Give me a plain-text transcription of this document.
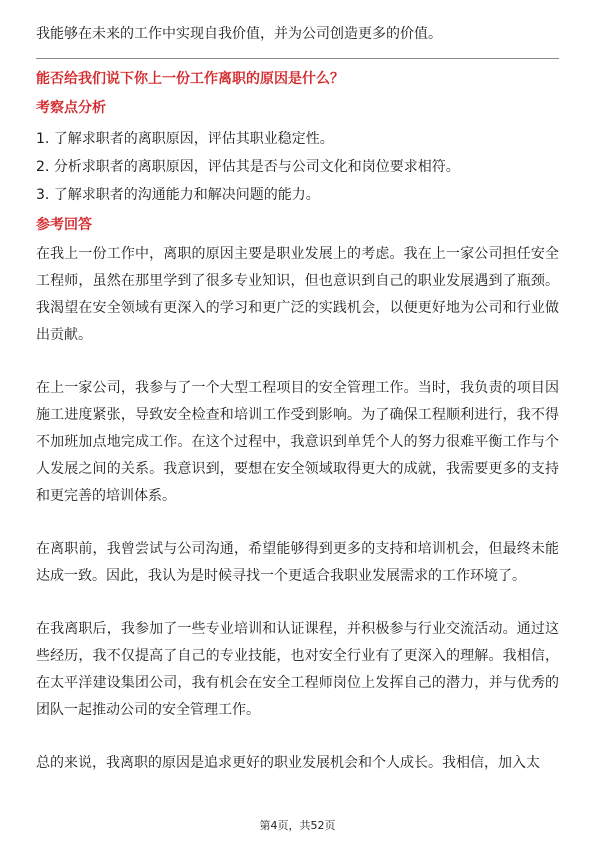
我能够在未来的工作中实现自我价值，并为公司创造更多的价值。

能否给我们说下你上一份工作离职的原因是什么？
考察点分析
1. 了解求职者的离职原因，评估其职业稳定性。
2. 分析求职者的离职原因，评估其是否与公司文化和岗位要求相符。
3. 了解求职者的沟通能力和解决问题的能力。
参考回答

在我上一份工作中，离职的原因主要是职业发展上的考虑。我在上一家公司担任安全工程师，虽然在那里学到了很多专业知识，但也意识到自己的职业发展遇到了瓶颈。我渴望在安全领域有更深入的学习和更广泛的实践机会，以便更好地为公司和行业做出贡献。

在上一家公司，我参与了一个大型工程项目的安全管理工作。当时，我负责的项目因施工进度紧张，导致安全检查和培训工作受到影响。为了确保工程顺利进行，我不得不加班加点地完成工作。在这个过程中，我意识到单凭个人的努力很难平衡工作与个人发展之间的关系。我意识到，要想在安全领域取得更大的成就，我需要更多的支持和更完善的培训体系。

在离职前，我曾尝试与公司沟通，希望能够得到更多的支持和培训机会，但最终未能达成一致。因此，我认为是时候寻找一个更适合我职业发展需求的工作环境了。

在我离职后，我参加了一些专业培训和认证课程，并积极参与行业交流活动。通过这些经历，我不仅提高了自己的专业技能，也对安全行业有了更深入的理解。我相信，在太平洋建设集团公司，我有机会在安全工程师岗位上发挥自己的潜力，并与优秀的团队一起推动公司的安全管理工作。

总的来说，我离职的原因是追求更好的职业发展机会和个人成长。我相信，加入太

第4页，共52页
